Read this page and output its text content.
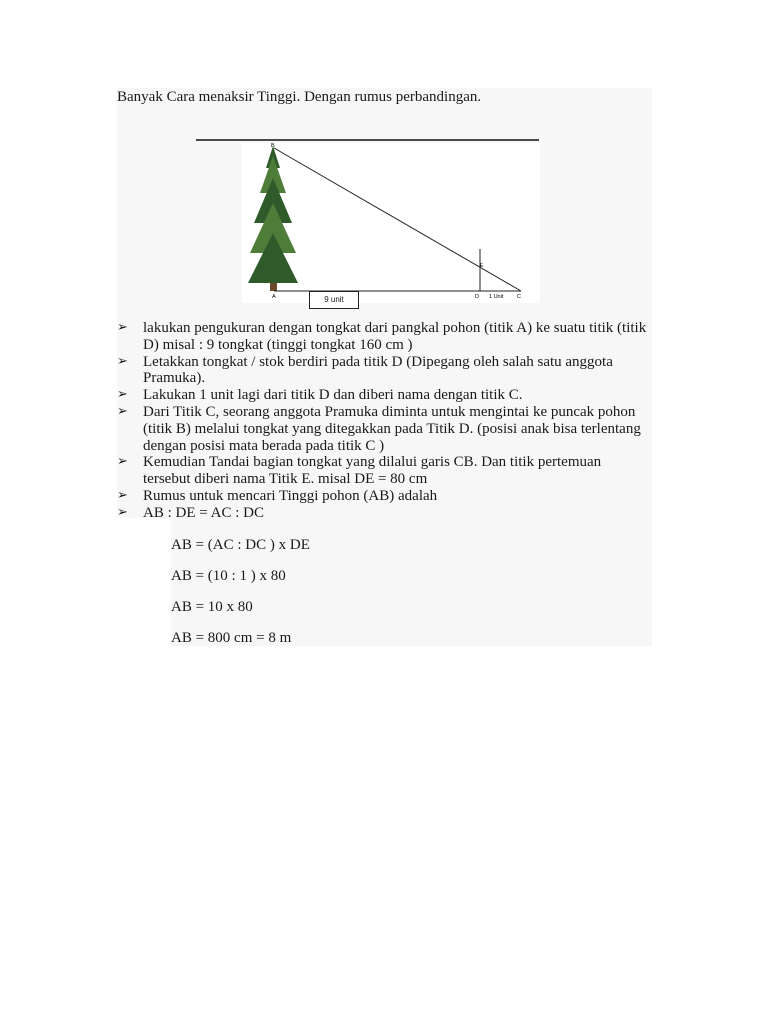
Banyak Cara menaksir Tinggi. Dengan rumus perbandingan.
B
A	D
E
1 Unit C
9 unit
➢ lakukan pengukuran dengan tongkat dari pangkal pohon (titik A) ke suatu titik (titik D) misal : 9 tongkat (tinggi tongkat 160 cm )
➢ Letakkan tongkat / stok berdiri pada titik D (Dipegang oleh salah satu anggota Pramuka).
➢ Lakukan 1 unit lagi dari titik D dan diberi nama dengan titik C.
➢ Dari Titik C, seorang anggota Pramuka diminta untuk mengintai ke puncak pohon (titik B) melalui tongkat yang ditegakkan pada Titik D. (posisi anak bisa terlentang dengan posisi mata berada pada titik C )
➢ Kemudian Tandai bagian tongkat yang dilalui garis CB. Dan titik pertemuan tersebut diberi nama Titik E. misal DE = 80 cm
➢ Rumus untuk mencari Tinggi pohon (AB) adalah
➢ AB : DE = AC : DC
AB = (AC : DC ) x DE
AB = (10 : 1 ) x 80
AB = 10 x 80
AB = 800 cm = 8 m
